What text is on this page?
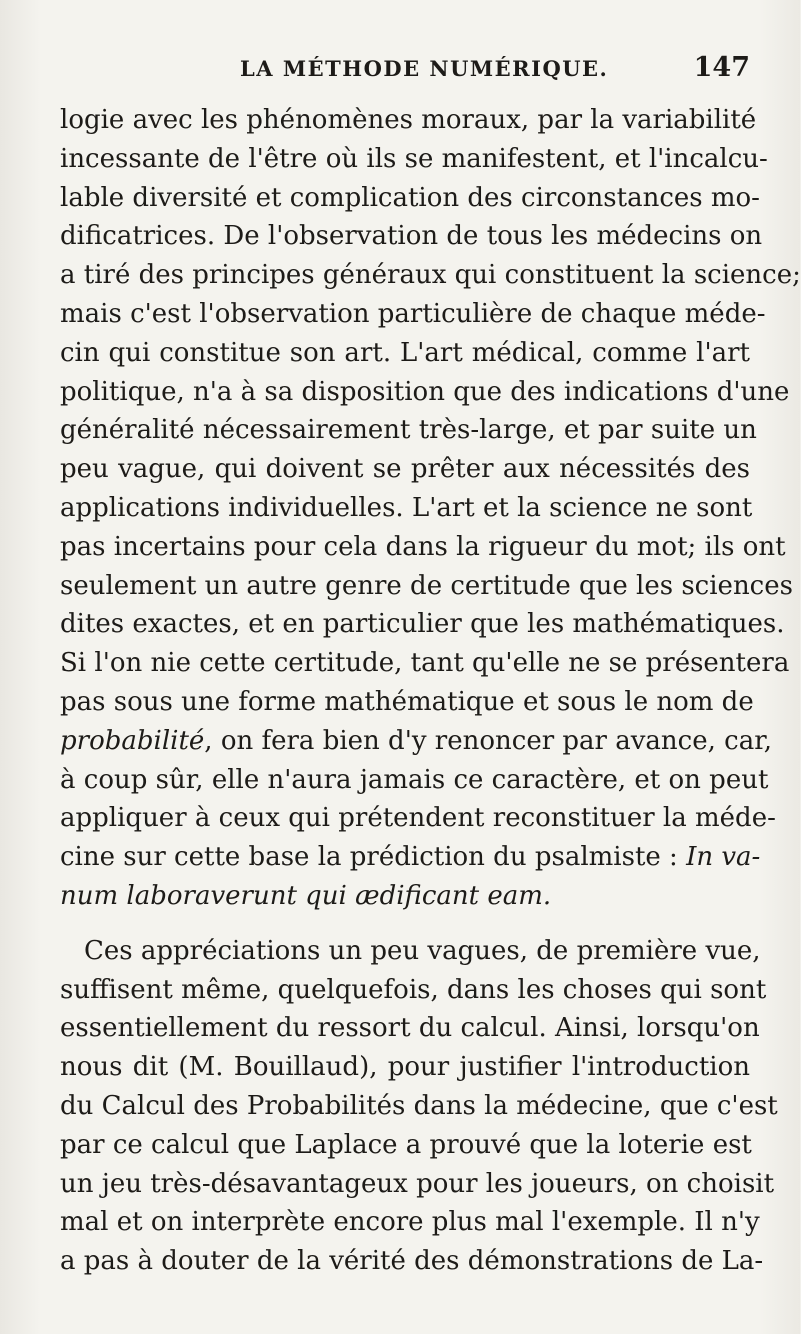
LA MÉTHODE NUMÉRIQUE.	147
logie avec les phénomènes moraux, par la variabilité
incessante de l'être où ils se manifestent, et l'incalcu-
lable diversité et complication des circonstances mo-
dificatrices. De l'observation de tous les médecins on
a tiré des principes généraux qui constituent la science;
mais c'est l'observation particulière de chaque méde-
cin qui constitue son art. L'art médical, comme l'art
politique, n'a à sa disposition que des indications d'une
généralité nécessairement très-large, et par suite un
peu vague, qui doivent se prêter aux nécessités des
applications individuelles. L'art et la science ne sont
pas incertains pour cela dans la rigueur du mot; ils ont
seulement un autre genre de certitude que les sciences
dites exactes, et en particulier que les mathématiques.
Si l'on nie cette certitude, tant qu'elle ne se présentera
pas sous une forme mathématique et sous le nom de
probabilité, on fera bien d'y renoncer par avance, car,
à coup sûr, elle n'aura jamais ce caractère, et on peut
appliquer à ceux qui prétendent reconstituer la méde-
cine sur cette base la prédiction du psalmiste : In va-
num laboraverunt qui ædificant eam.
Ces appréciations un peu vagues, de première vue,
suffisent même, quelquefois, dans les choses qui sont
essentiellement du ressort du calcul. Ainsi, lorsqu'on
nous dit (M. Bouillaud), pour justifier l'introduction
du Calcul des Probabilités dans la médecine, que c'est
par ce calcul que Laplace a prouvé que la loterie est
un jeu très-désavantageux pour les joueurs, on choisit
mal et on interprète encore plus mal l'exemple. Il n'y
a pas à douter de la vérité des démonstrations de La-
